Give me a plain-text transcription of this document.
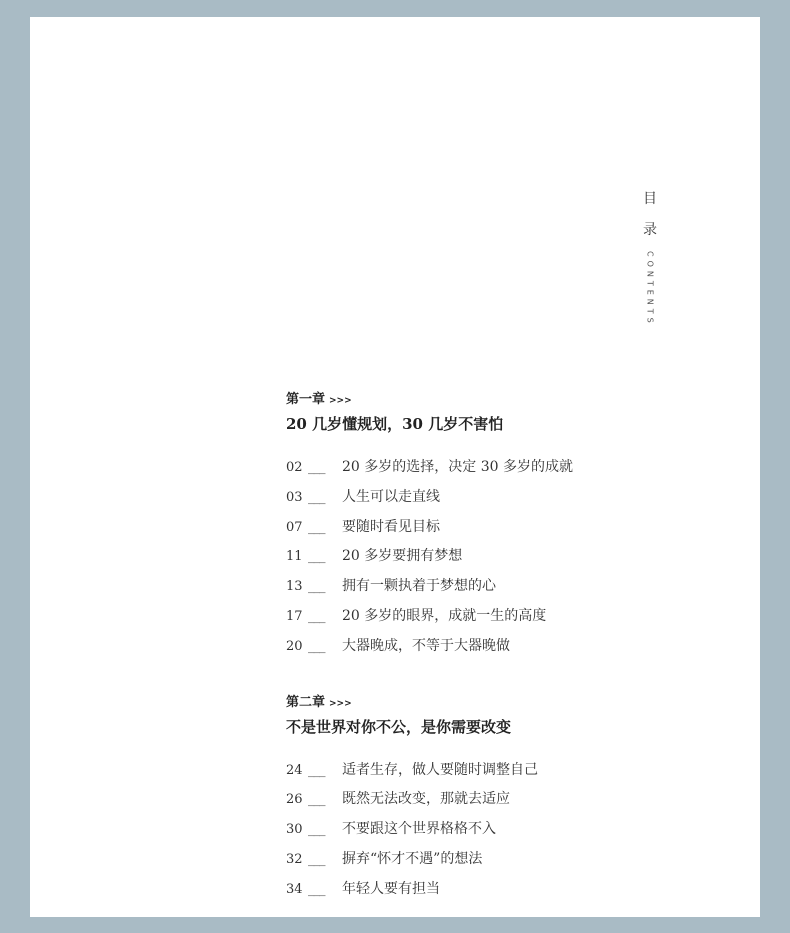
目
录
CONTENTS
第一章 >>>
20 几岁懂规划，30 几岁不害怕
02 ___	20 多岁的选择，决定 30 多岁的成就
03 ___	人生可以走直线
07 ___	要随时看见目标
11 ___	20 多岁要拥有梦想
13 ___	拥有一颗执着于梦想的心
17 ___	20 多岁的眼界，成就一生的高度
20 ___	大器晚成，不等于大器晚做
第二章 >>>
不是世界对你不公，是你需要改变
24 ___	适者生存，做人要随时调整自己
26 ___	既然无法改变，那就去适应
30 ___	不要跟这个世界格格不入
32 ___	摒弃“怀才不遇”的想法
34 ___	年轻人要有担当
